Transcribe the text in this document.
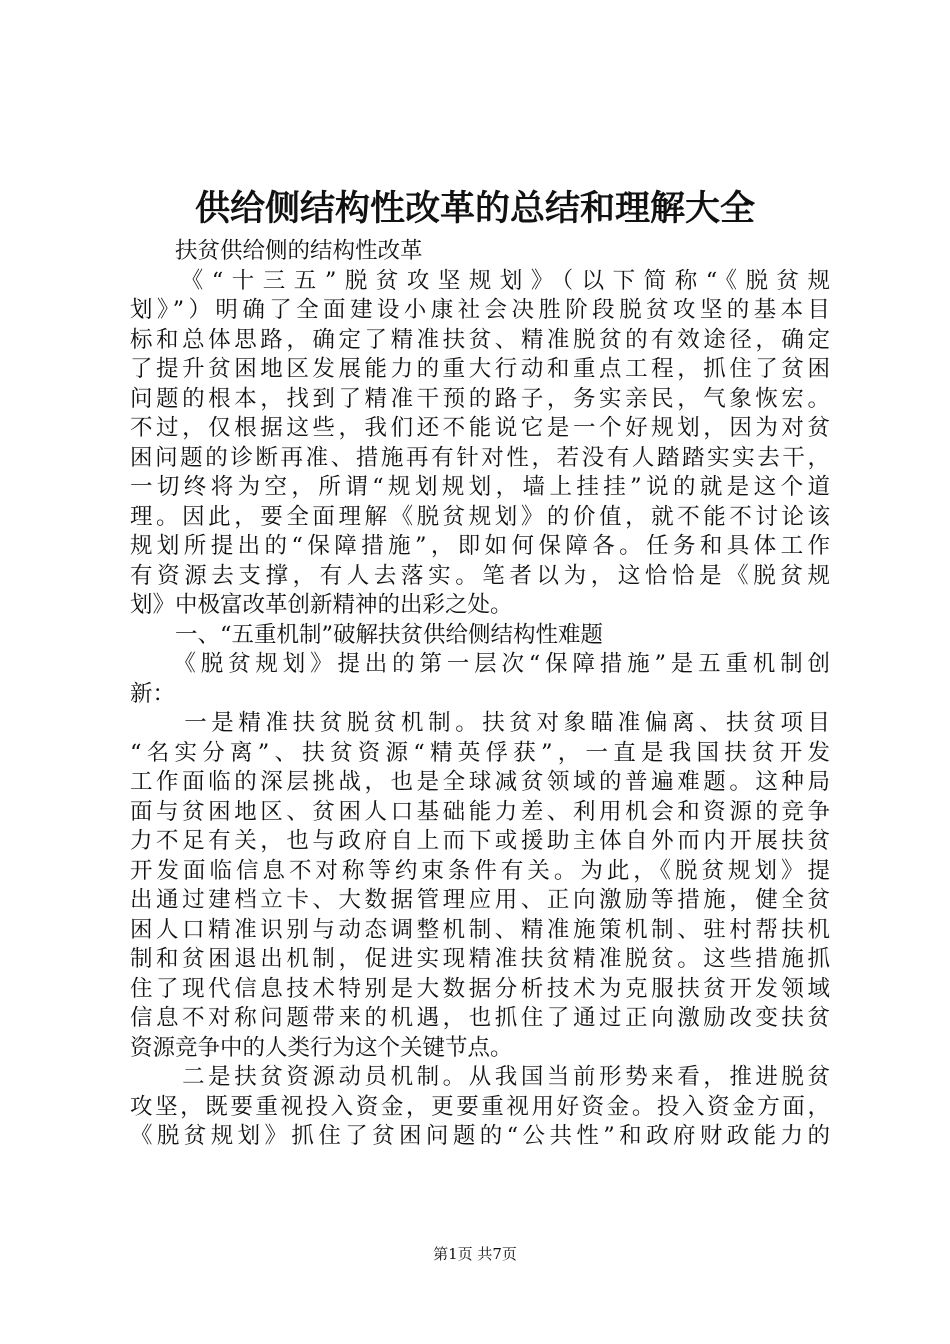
供给侧结构性改革的总结和理解大全
　　扶贫供给侧的结构性改革
　　《“十三五”脱贫攻坚规划》（以下简称“《脱贫规
划》”）明确了全面建设小康社会决胜阶段脱贫攻坚的基本目
标和总体思路，确定了精准扶贫、精准脱贫的有效途径，确定
了提升贫困地区发展能力的重大行动和重点工程，抓住了贫困
问题的根本，找到了精准干预的路子，务实亲民，气象恢宏。
不过，仅根据这些，我们还不能说它是一个好规划，因为对贫
困问题的诊断再准、措施再有针对性，若没有人踏踏实实去干，
一切终将为空，所谓“规划规划，墙上挂挂”说的就是这个道
理。因此，要全面理解《脱贫规划》的价值，就不能不讨论该
规划所提出的“保障措施”，即如何保障各。任务和具体工作
有资源去支撑，有人去落实。笔者以为，这恰恰是《脱贫规
划》中极富改革创新精神的出彩之处。
　　一、“五重机制”破解扶贫供给侧结构性难题
　　《脱贫规划》提出的第一层次“保障措施”是五重机制创
新：
　　一是精准扶贫脱贫机制。扶贫对象瞄准偏离、扶贫项目
“名实分离”、扶贫资源“精英俘获”，一直是我国扶贫开发
工作面临的深层挑战，也是全球减贫领域的普遍难题。这种局
面与贫困地区、贫困人口基础能力差、利用机会和资源的竞争
力不足有关，也与政府自上而下或援助主体自外而内开展扶贫
开发面临信息不对称等约束条件有关。为此，《脱贫规划》提
出通过建档立卡、大数据管理应用、正向激励等措施，健全贫
困人口精准识别与动态调整机制、精准施策机制、驻村帮扶机
制和贫困退出机制，促进实现精准扶贫精准脱贫。这些措施抓
住了现代信息技术特别是大数据分析技术为克服扶贫开发领域
信息不对称问题带来的机遇，也抓住了通过正向激励改变扶贫
资源竞争中的人类行为这个关键节点。
　　二是扶贫资源动员机制。从我国当前形势来看，推进脱贫
攻坚，既要重视投入资金，更要重视用好资金。投入资金方面，
《脱贫规划》抓住了贫困问题的“公共性”和政府财政能力的
第1页 共7页
